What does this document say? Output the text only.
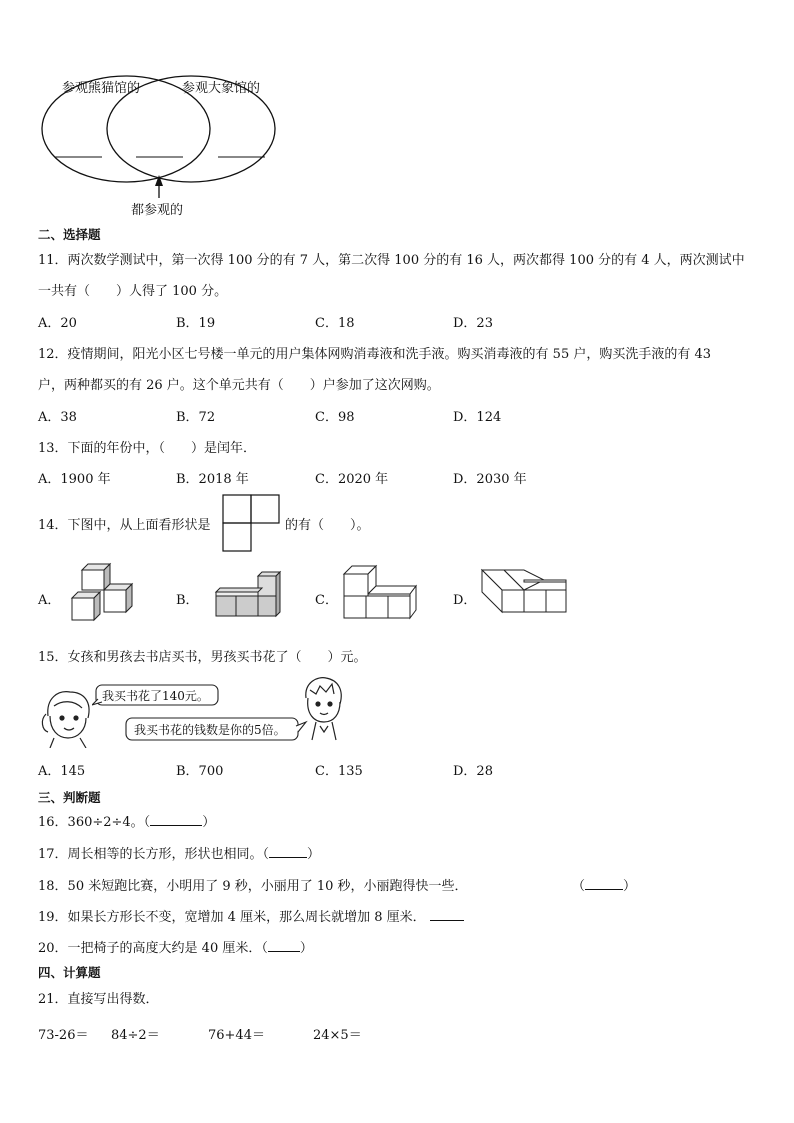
参观熊猫馆的	参观大象馆的
都参观的
二、选择题
11．两次数学测试中，第一次得 100 分的有 7 人，第二次得 100 分的有 16 人，两次都得 100 分的有 4 人，两次测试中
一共有（　　）人得了 100 分。
A．20	B．19	C．18	D．23
12．疫情期间，阳光小区七号楼一单元的用户集体网购消毒液和洗手液。购买消毒液的有 55 户，购买洗手液的有 43
户，两种都买的有 26 户。这个单元共有（　　）户参加了这次网购。
A．38	B．72	C．98	D．124
13．下面的年份中，（　　）是闰年．
A．1900 年	B．2018 年	C．2020 年	D．2030 年
14．下图中，从上面看形状是	的有（　　）。
A．	B．	C．	D．
15．女孩和男孩去书店买书，男孩买书花了（　　）元。
我买书花了140元。
我买书花的钱数是你的5倍。
A．145	B．700	C．135	D．28
三、判断题
16．360÷2÷4。（	）
17．周长相等的长方形，形状也相同。（	）
18．50 米短跑比赛，小明用了 9 秒，小丽用了 10 秒，小丽跑得快一些．	（	）
19．如果长方形长不变，宽增加 4 厘米，那么周长就增加 8 厘米．
20．一把椅子的高度大约是 40 厘米．（ ）
四、计算题
21．直接写出得数．
73-26＝ 84÷2＝	76+44＝	24×5＝
